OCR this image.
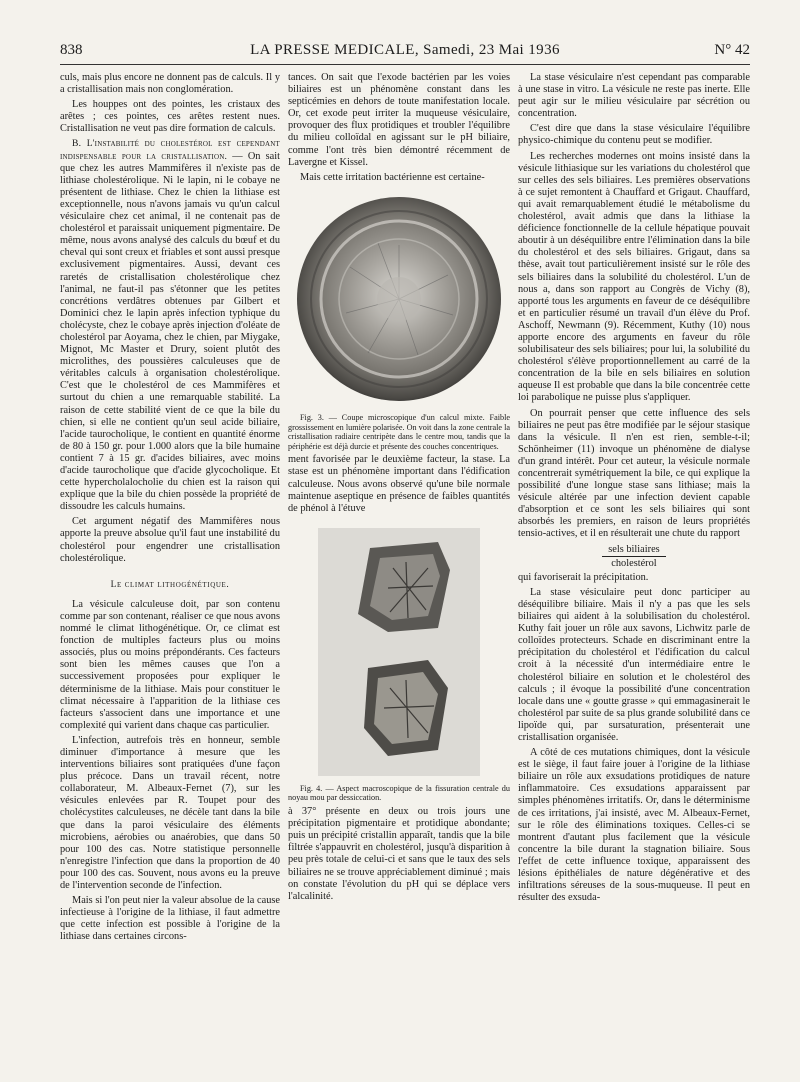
838	LA PRESSE MEDICALE, Samedi, 23 Mai 1936	N° 42

culs, mais plus encore ne donnent pas de calculs. Il y a cristallisation mais non conglomération.

Les houppes ont des pointes, les cristaux des arêtes ; ces pointes, ces arêtes restent nues. Cristallisation ne veut pas dire formation de calculs.

B. L'instabilité du cholestérol est cependant indispensable pour la cristallisation. — On sait que chez les autres Mammifères il n'existe pas de lithiase cholestérolique. Ni le lapin, ni le cobaye ne présentent de lithiase. Chez le chien la lithiase est exceptionnelle, nous n'avons jamais vu qu'un calcul vésiculaire chez cet animal, il ne contenait pas de cholestérol et paraissait uniquement pigmentaire. De même, nous avons analysé des calculs du bœuf et du cheval qui sont creux et friables et sont aussi presque exclusivement pigmentaires. Aussi, devant ces raretés de cristallisation cholestérolique chez l'animal, ne faut-il pas s'étonner que les petites concrétions verdâtres obtenues par Gilbert et Dominici chez le lapin après infection typhique du cholécyste, chez le cobaye après injection d'oléate de cholestérol par Aoyama, chez le chien, par Miygake, Mignot, Mc Master et Drury, soient plutôt des microlithes, des poussières calculeuses que de véritables calculs à organisation cholestérolique. C'est que le cholestérol de ces Mammifères et surtout du chien a une remarquable stabilité. La raison de cette stabilité vient de ce que la bile du chien, si elle ne contient qu'un seul acide biliaire, l'acide taurocholique, le contient en quantité énorme de 80 à 150 gr. pour 1.000 alors que la bile humaine contient 7 à 15 gr. d'acides biliaires, avec moins d'acide taurocholique que d'acide glycocholique. Et cette hypercholalocholie du chien est la raison qui explique que la bile du chien possède la propriété de dissoudre les calculs humains.

Cet argument négatif des Mammifères nous apporte la preuve absolue qu'il faut une instabilité du cholestérol pour engendrer une cristallisation cholestérolique.

Le climat lithogénétique.

La vésicule calculeuse doit, par son contenu comme par son contenant, réaliser ce que nous avons nommé le climat lithogénétique. Or, ce climat est fonction de multiples facteurs plus ou moins associés, plus ou moins prépondérants. Ces facteurs sont bien les mêmes causes que l'on a successivement proposées pour expliquer le déterminisme de la lithiase. Mais pour constituer le climat nécessaire à l'apparition de la lithiase ces facteurs s'associent dans une importance et une complexité qui varient dans chaque cas particulier.

L'infection, autrefois très en honneur, semble diminuer d'importance à mesure que les interventions biliaires sont pratiquées d'une façon plus précoce. Dans un travail récent, notre collaborateur, M. Albeaux-Fernet (7), sur les vésicules enlevées par R. Toupet pour des cholécystites calculeuses, ne décèle tant dans la bile que dans la paroi vésiculaire des éléments microbiens, aérobies ou anaérobies, que dans 50 pour 100 des cas. Notre statistique personnelle n'enregistre l'infection que dans la proportion de 40 pour 100 des cas. Souvent, nous avons eu la preuve de l'intervention seconde de l'infection.

Mais si l'on peut nier la valeur absolue de la cause infectieuse à l'origine de la lithiase, il faut admettre que cette infection est possible à l'origine de la lithiase dans certaines circons-

tances. On sait que l'exode bactérien par les voies biliaires est un phénomène constant dans les septicémies en dehors de toute manifestation locale. Or, cet exode peut irriter la muqueuse vésiculaire, provoquer des flux protidiques et troubler l'équilibre du milieu colloïdal en agissant sur le pH biliaire, comme l'ont très bien démontré récemment de Lavergne et Kissel.

Mais cette irritation bactérienne est certaine-

Fig. 3. — Coupe microscopique d'un calcul mixte. Faible grossissement en lumière polarisée. On voit dans la zone centrale la cristallisation radiaire centripète dans le centre mou, tandis que la périphérie est déjà durcie et présente des couches concentriques.

ment favorisée par le deuxième facteur, la stase. La stase est un phénomène important dans l'édification calculeuse. Nous avons observé qu'une bile normale maintenue aseptique en présence de faibles quantités de phénol à l'étuve

Fig. 4. — Aspect macroscopique de la fissuration centrale du noyau mou par dessiccation.

à 37° présente en deux ou trois jours une précipitation pigmentaire et protidique abondante; puis un précipité cristallin apparaît, tandis que la bile filtrée s'appauvrit en cholestérol, jusqu'à disparition à peu près totale de celui-ci et sans que le taux des sels biliaires ne se trouve appréciablement diminué ; mais on constate l'évolution du pH qui se déplace vers l'alcalinité.

La stase vésiculaire n'est cependant pas comparable à une stase in vitro. La vésicule ne reste pas inerte. Elle peut agir sur le milieu vésiculaire par sécrétion ou concentration.

C'est dire que dans la stase vésiculaire l'équilibre physico-chimique du contenu peut se modifier.

Les recherches modernes ont moins insisté dans la vésicule lithiasique sur les variations du cholestérol que sur celles des sels biliaires. Les premières observations à ce sujet remontent à Chauffard et Grigaut. Chauffard, qui avait remarquablement étudié le métabolisme du cholestérol, avait admis que dans la lithiase la déficience fonctionnelle de la cellule hépatique pouvait aboutir à un déséquilibre entre l'élimination dans la bile du cholestérol et des sels biliaires. Grigaut, dans sa thèse, avait tout particulièrement insisté sur le rôle des sels biliaires dans la solubilité du cholestérol. L'un de nous a, dans son rapport au Congrès de Vichy (8), apporté tous les arguments en faveur de ce déséquilibre et en particulier résumé un travail d'un élève du Prof. Aschoff, Newmann (9). Récemment, Kuthy (10) nous apporte encore des arguments en faveur du rôle solubilisateur des sels biliaires; pour lui, la solubilité du cholestérol s'élève proportionnellement au carré de la concentration de la bile en sels biliaires en solution aqueuse Il est probable que dans la bile concentrée cette loi parabolique ne puisse plus s'appliquer.

On pourrait penser que cette influence des sels biliaires ne peut pas être modifiée par le séjour stasique dans la vésicule. Il n'en est rien, semble-t-il; Schönheimer (11) invoque un phénomène de dialyse d'un grand intérêt. Pour cet auteur, la vésicule normale concentrerait symétriquement la bile, ce qui explique la possibilité d'une longue stase sans lithiase; mais la vésicule altérée par une infection devient capable d'absorption et ce sont les sels biliaires qui sont absorbés les premiers, en raison de leurs propriétés tensio-actives, et il en résulterait une chute du rapport

sels biliaires
cholestérol

qui favoriserait la précipitation.

La stase vésiculaire peut donc participer au déséquilibre biliaire. Mais il n'y a pas que les sels biliaires qui aident à la solubilisation du cholestérol. Kuthy fait jouer un rôle aux savons, Lichwitz parle de colloïdes protecteurs. Schade en discriminant entre la précipitation du cholestérol et l'édification du calcul croit à la nécessité d'un intermédiaire entre le cholestérol biliaire en solution et le cholestérol des calculs ; il évoque la possibilité d'une concentration locale dans une « goutte grasse » qui emmagasinerait le cholestérol par suite de sa plus grande solubilité dans ce lipoïde qui, par sursaturation, présenterait une cristallisation organisée.

A côté de ces mutations chimiques, dont la vésicule est le siège, il faut faire jouer à l'origine de la lithiase biliaire un rôle aux exsudations protidiques de nature inflammatoire. Ces exsudations apparaissent par simples phénomènes irritatifs. Or, dans le déterminisme de ces irritations, j'ai insisté, avec M. Albeaux-Fernet, sur le rôle des éliminations toxiques. Celles-ci se montrent d'autant plus facilement que la vésicule concentre la bile durant la stagnation biliaire. Sous l'effet de cette influence toxique, apparaissent des lésions épithéliales de nature dégénérative et des infiltrations séreuses de la sous-muqueuse. Il peut en résulter des exsuda-
